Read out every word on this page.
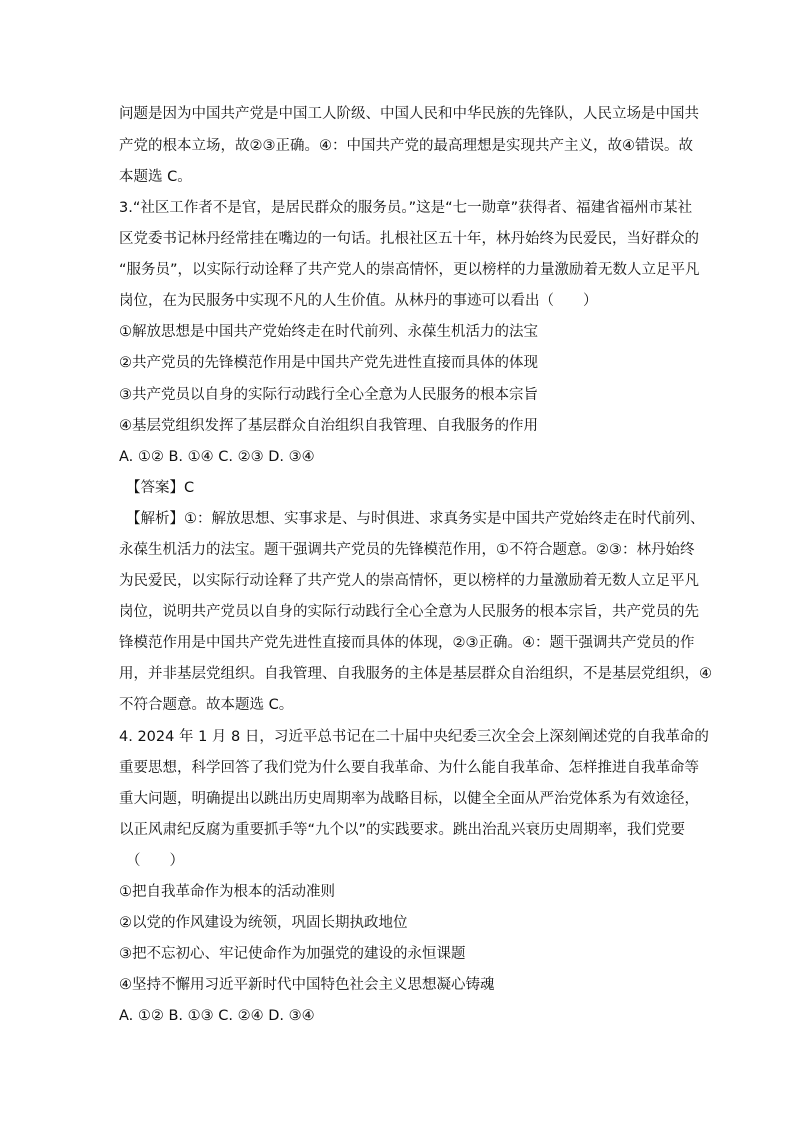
问题是因为中国共产党是中国工人阶级、中国人民和中华民族的先锋队，人民立场是中国共
产党的根本立场，故②③正确。④：中国共产党的最高理想是实现共产主义，故④错误。故
本题选 C。
3.“社区工作者不是官，是居民群众的服务员。”这是“七一勋章”获得者、福建省福州市某社
区党委书记林丹经常挂在嘴边的一句话。扎根社区五十年，林丹始终为民爱民，当好群众的
“服务员”，以实际行动诠释了共产党人的崇高情怀，更以榜样的力量激励着无数人立足平凡
岗位，在为民服务中实现不凡的人生价值。从林丹的事迹可以看出（　　）
①解放思想是中国共产党始终走在时代前列、永葆生机活力的法宝
②共产党员的先锋模范作用是中国共产党先进性直接而具体的体现
③共产党员以自身的实际行动践行全心全意为人民服务的根本宗旨
④基层党组织发挥了基层群众自治组织自我管理、自我服务的作用
A. ①② B. ①④ C. ②③ D. ③④
【答案】C
【解析】①：解放思想、实事求是、与时俱进、求真务实是中国共产党始终走在时代前列、
永葆生机活力的法宝。题干强调共产党员的先锋模范作用，①不符合题意。②③：林丹始终
为民爱民，以实际行动诠释了共产党人的崇高情怀，更以榜样的力量激励着无数人立足平凡
岗位，说明共产党员以自身的实际行动践行全心全意为人民服务的根本宗旨，共产党员的先
锋模范作用是中国共产党先进性直接而具体的体现，②③正确。④：题干强调共产党员的作
用，并非基层党组织。自我管理、自我服务的主体是基层群众自治组织，不是基层党组织，④
不符合题意。故本题选 C。
4. 2024 年 1 月 8 日，习近平总书记在二十届中央纪委三次全会上深刻阐述党的自我革命的
重要思想，科学回答了我们党为什么要自我革命、为什么能自我革命、怎样推进自我革命等
重大问题，明确提出以跳出历史周期率为战略目标，以健全全面从严治党体系为有效途径，
以正风肃纪反腐为重要抓手等“九个以”的实践要求。跳出治乱兴衰历史周期率，我们党要
（　　）
①把自我革命作为根本的活动准则
②以党的作风建设为统领，巩固长期执政地位
③把不忘初心、牢记使命作为加强党的建设的永恒课题
④坚持不懈用习近平新时代中国特色社会主义思想凝心铸魂
A. ①② B. ①③ C. ②④ D. ③④
